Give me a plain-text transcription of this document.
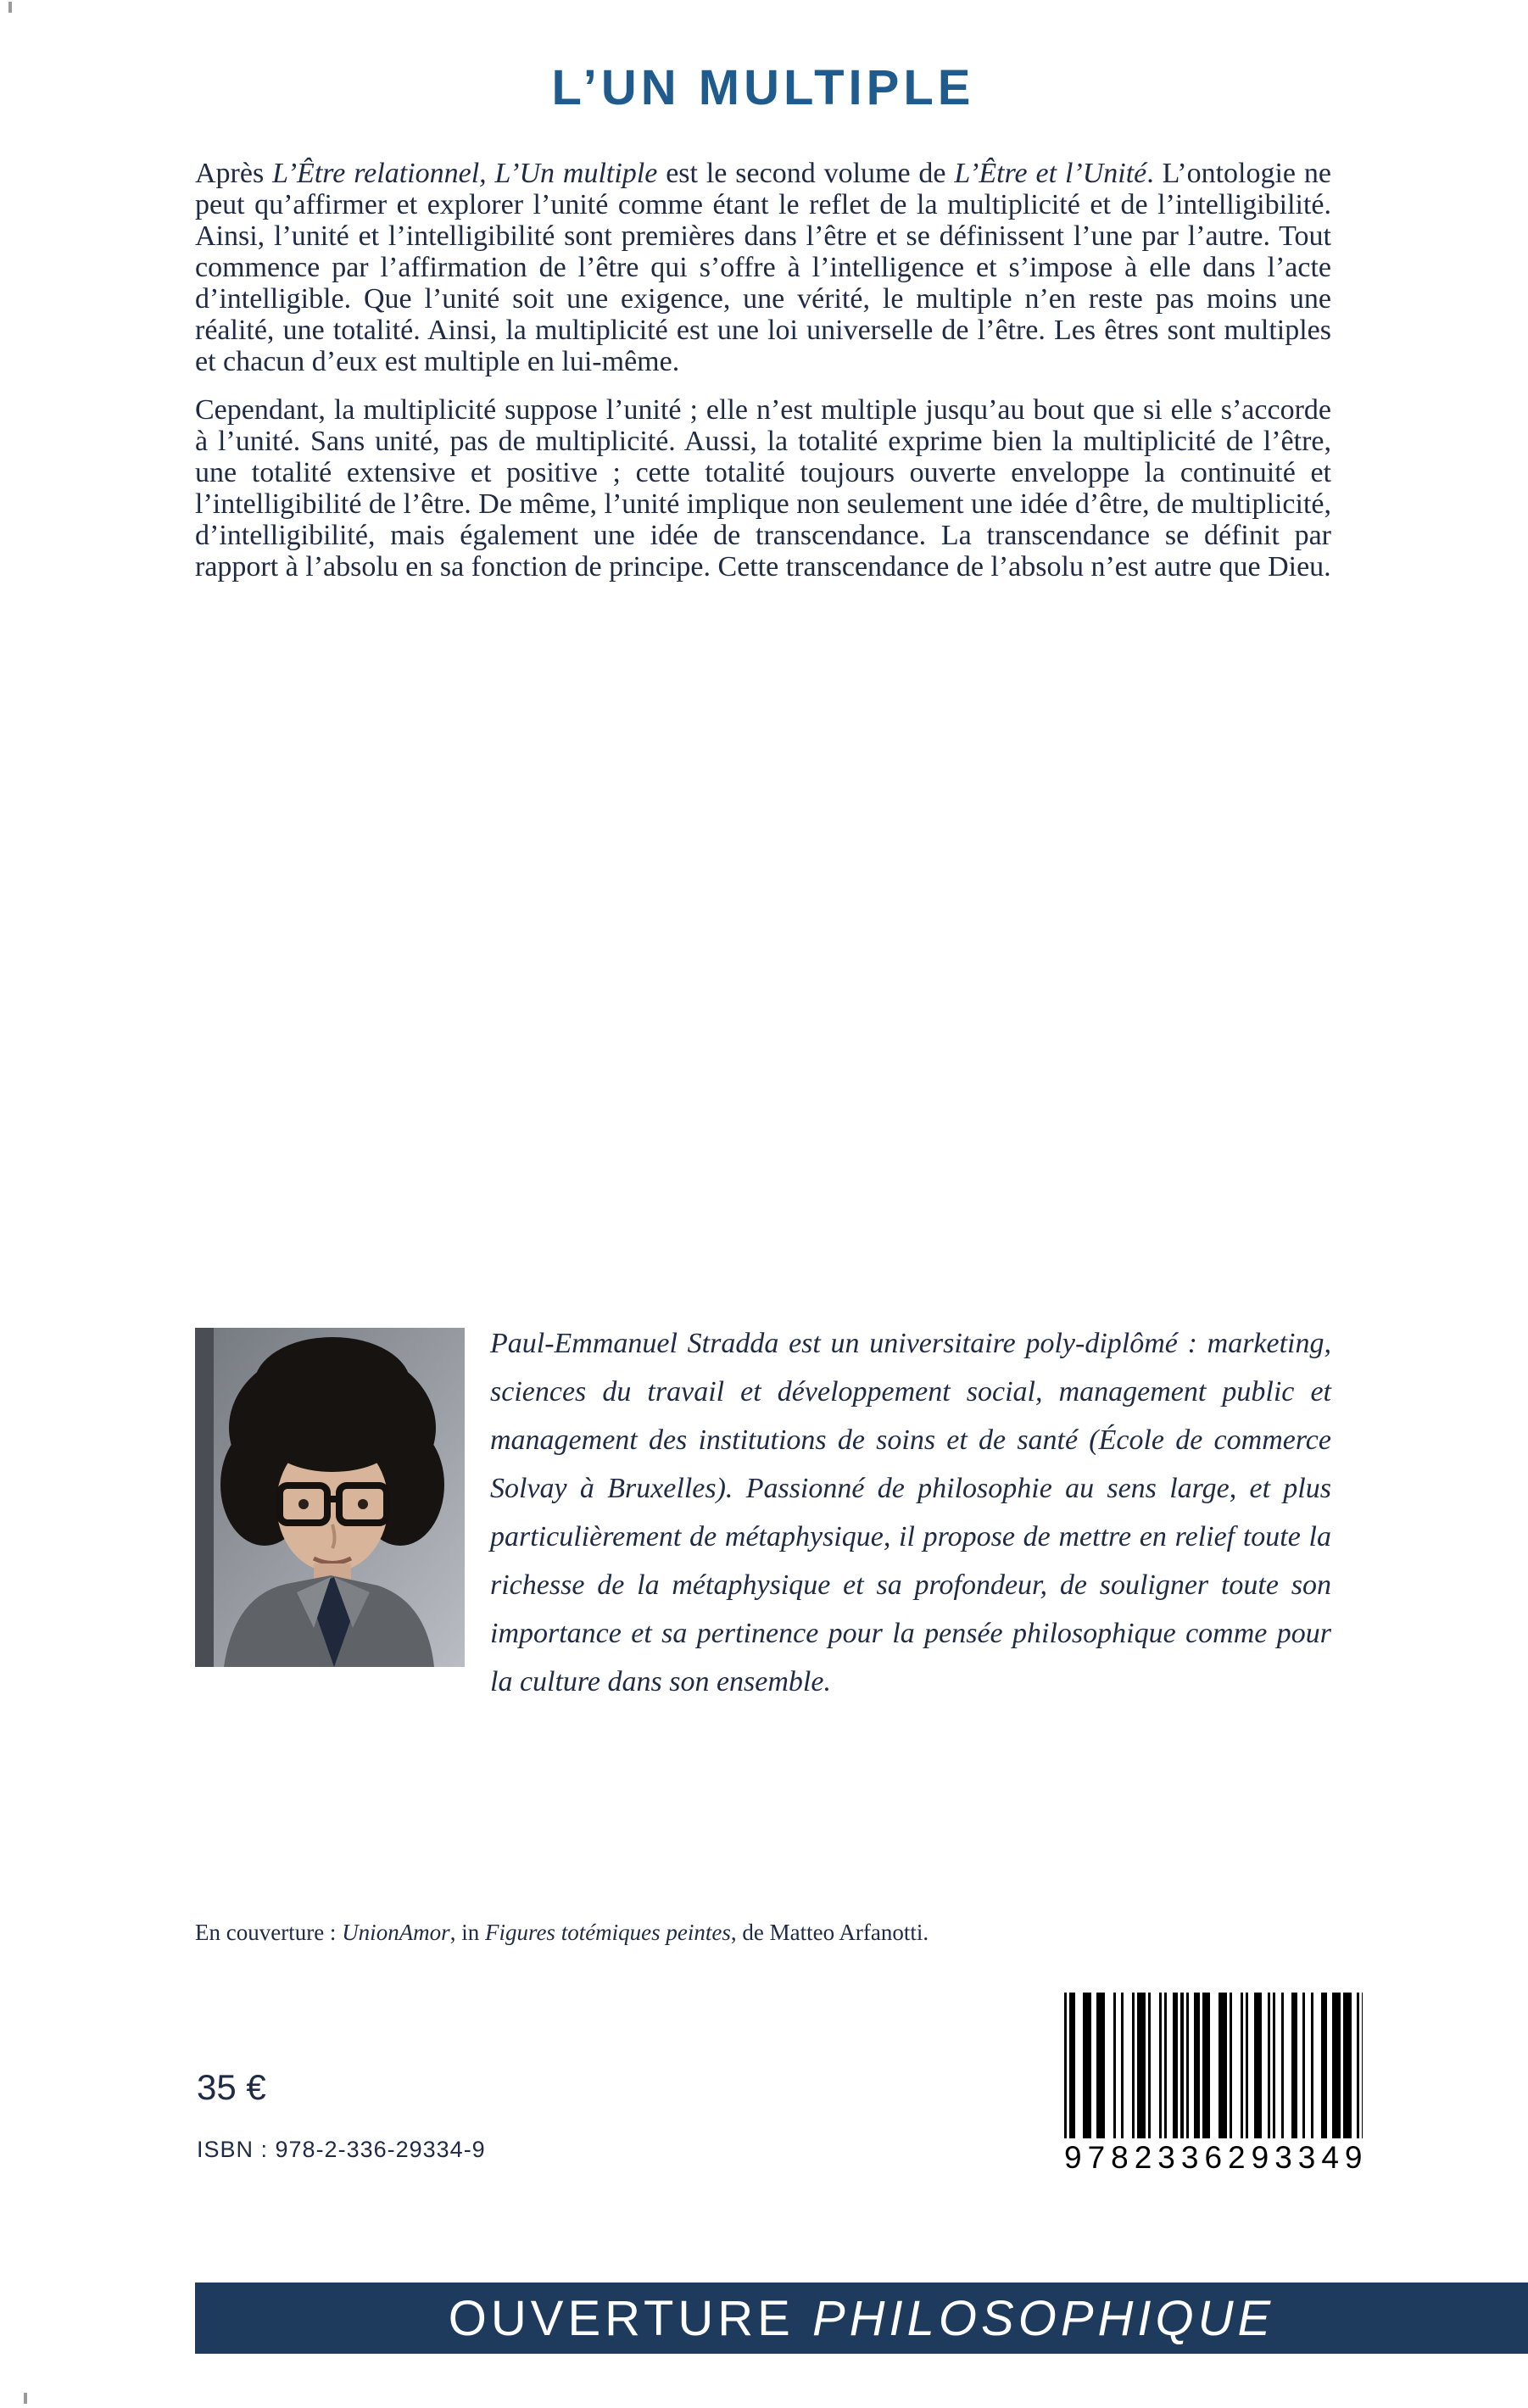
L’UN MULTIPLE

Après L’Être relationnel, L’Un multiple est le second volume de L’Être et l’Unité. L’ontologie ne peut qu’affirmer et explorer l’unité comme étant le reflet de la multiplicité et de l’intelligibilité. Ainsi, l’unité et l’intelligibilité sont premières dans l’être et se définissent l’une par l’autre. Tout commence par l’affirmation de l’être qui s’offre à l’intelligence et s’impose à elle dans l’acte d’intelligible. Que l’unité soit une exigence, une vérité, le multiple n’en reste pas moins une réalité, une totalité. Ainsi, la multiplicité est une loi universelle de l’être. Les êtres sont multiples et chacun d’eux est multiple en lui-même.

Cependant, la multiplicité suppose l’unité ; elle n’est multiple jusqu’au bout que si elle s’accorde à l’unité. Sans unité, pas de multiplicité. Aussi, la totalité exprime bien la multiplicité de l’être, une totalité extensive et positive ; cette totalité toujours ouverte enveloppe la continuité et l’intelligibilité de l’être. De même, l’unité implique non seulement une idée d’être, de multiplicité, d’intelligibilité, mais également une idée de transcendance. La transcendance se définit par rapport à l’absolu en sa fonction de principe. Cette transcendance de l’absolu n’est autre que Dieu.

Paul-Emmanuel Stradda est un universitaire poly-diplômé : marketing, sciences du travail et développement social, management public et management des institutions de soins et de santé (École de commerce Solvay à Bruxelles). Passionné de philosophie au sens large, et plus particulièrement de métaphysique, il propose de mettre en relief toute la richesse de la métaphysique et sa profondeur, de souligner toute son importance et sa pertinence pour la pensée philosophique comme pour la culture dans son ensemble.

En couverture : UnionAmor, in Figures totémiques peintes, de Matteo Arfanotti.

35 €
ISBN : 978-2-336-29334-9	9782336293349
OUVERTURE PHILOSOPHIQUE
